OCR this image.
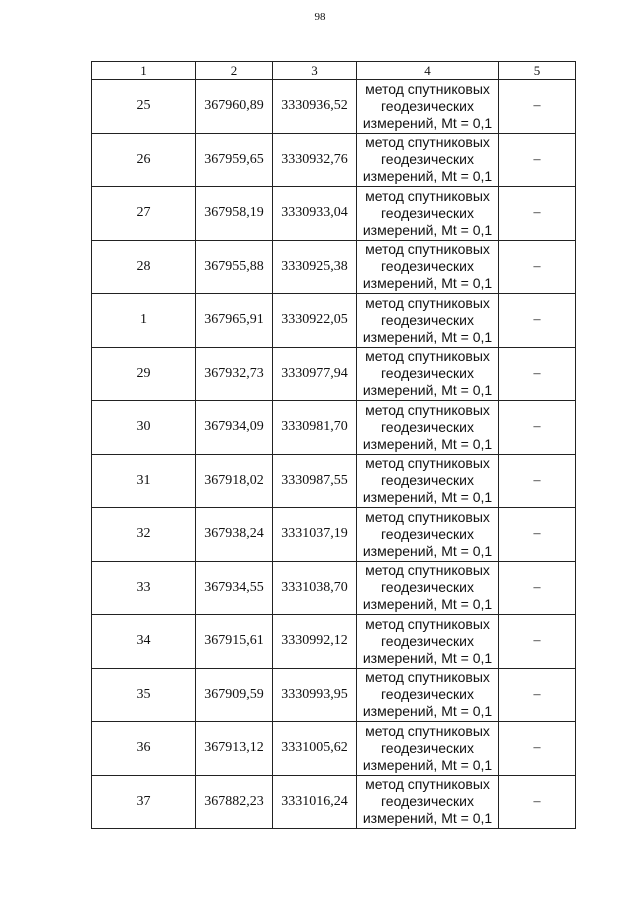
98
1	2	3	4	5
25	367960,89	3330936,52	метод спутниковых
геодезических
измерений, Mt = 0,1	–
26	367959,65	3330932,76	метод спутниковых
геодезических
измерений, Mt = 0,1	–
27	367958,19	3330933,04	метод спутниковых
геодезических
измерений, Mt = 0,1	–
28	367955,88	3330925,38	метод спутниковых
геодезических
измерений, Mt = 0,1	–
1	367965,91	3330922,05	метод спутниковых
геодезических
измерений, Mt = 0,1	–
29	367932,73	3330977,94	метод спутниковых
геодезических
измерений, Mt = 0,1	–
30	367934,09	3330981,70	метод спутниковых
геодезических
измерений, Mt = 0,1	–
31	367918,02	3330987,55	метод спутниковых
геодезических
измерений, Mt = 0,1	–
32	367938,24	3331037,19	метод спутниковых
геодезических
измерений, Mt = 0,1	–
33	367934,55	3331038,70	метод спутниковых
геодезических
измерений, Mt = 0,1	–
34	367915,61	3330992,12	метод спутниковых
геодезических
измерений, Mt = 0,1	–
35	367909,59	3330993,95	метод спутниковых
геодезических
измерений, Mt = 0,1	–
36	367913,12	3331005,62	метод спутниковых
геодезических
измерений, Mt = 0,1	–
37	367882,23	3331016,24	метод спутниковых
геодезических
измерений, Mt = 0,1	–
